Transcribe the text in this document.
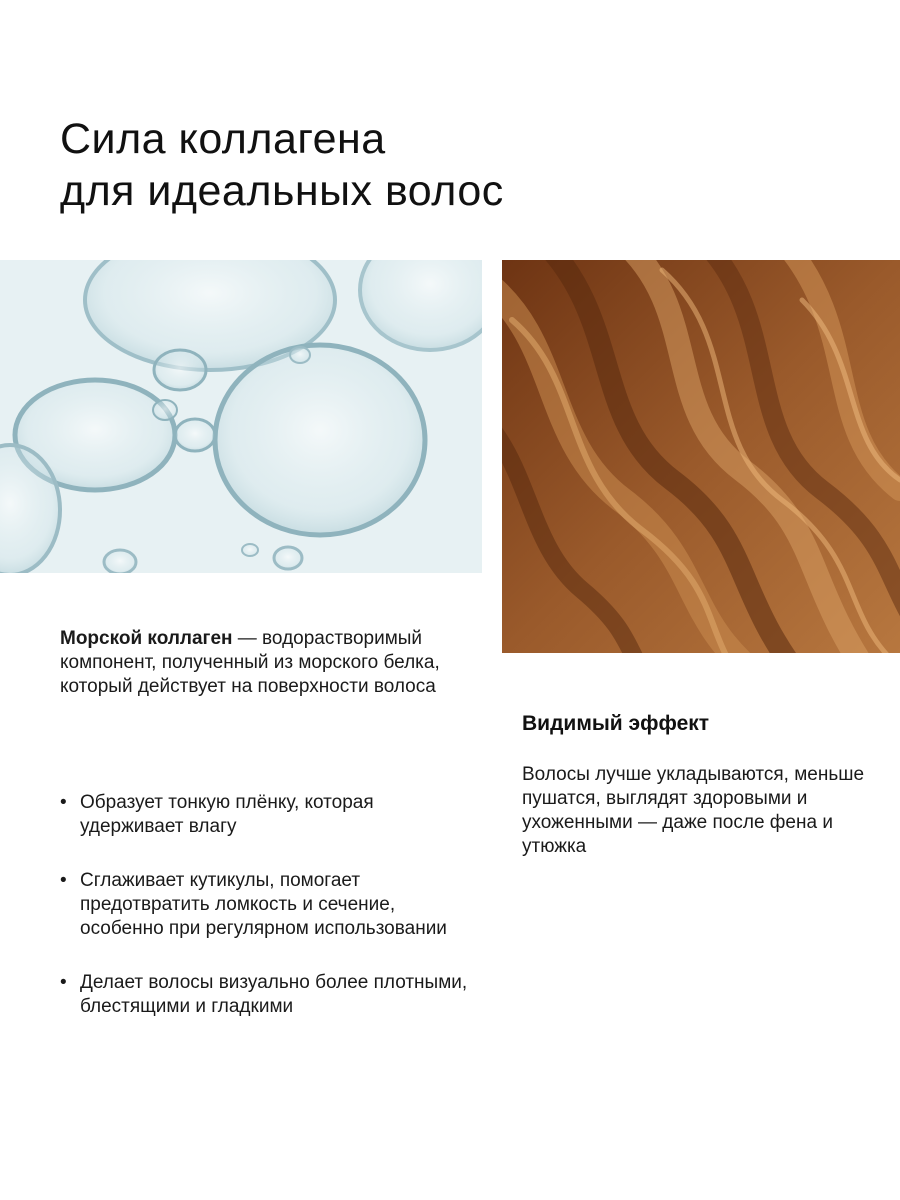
Сила коллагена
для идеальных волос

Морской коллаген — водорастворимый компонент, полученный из морского белка, который действует на поверхности волоса

• Образует тонкую плёнку, которая удерживает влагу
• Сглаживает кутикулы, помогает предотвратить ломкость и сечение, особенно при регулярном использовании
• Делает волосы визуально более плотными, блестящими и гладкими
Видимый эффект
Волосы лучше укладываются, меньше пушатся, выглядят здоровыми и ухоженными — даже после фена и утюжка
